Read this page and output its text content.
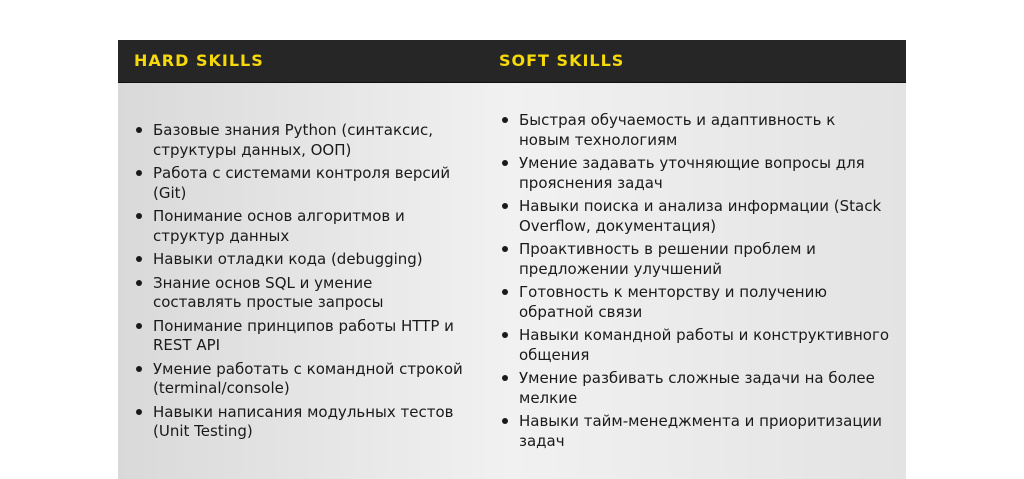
HARD SKILLS	SOFT SKILLS
Базовые знания Python (синтаксис, структуры данных, ООП)
Работа с системами контроля версий (Git)
Понимание основ алгоритмов и структур данных
Навыки отладки кода (debugging)
Знание основ SQL и умение составлять простые запросы
Понимание принципов работы HTTP и REST API
Умение работать с командной строкой (terminal/console)
Навыки написания модульных тестов (Unit Testing)
Быстрая обучаемость и адаптивность к новым технологиям
Умение задавать уточняющие вопросы для прояснения задач
Навыки поиска и анализа информации (Stack Overflow, документация)
Проактивность в решении проблем и предложении улучшений
Готовность к менторству и получению обратной связи
Навыки командной работы и конструктивного общения
Умение разбивать сложные задачи на более мелкие
Навыки тайм-менеджмента и приоритизации задач
